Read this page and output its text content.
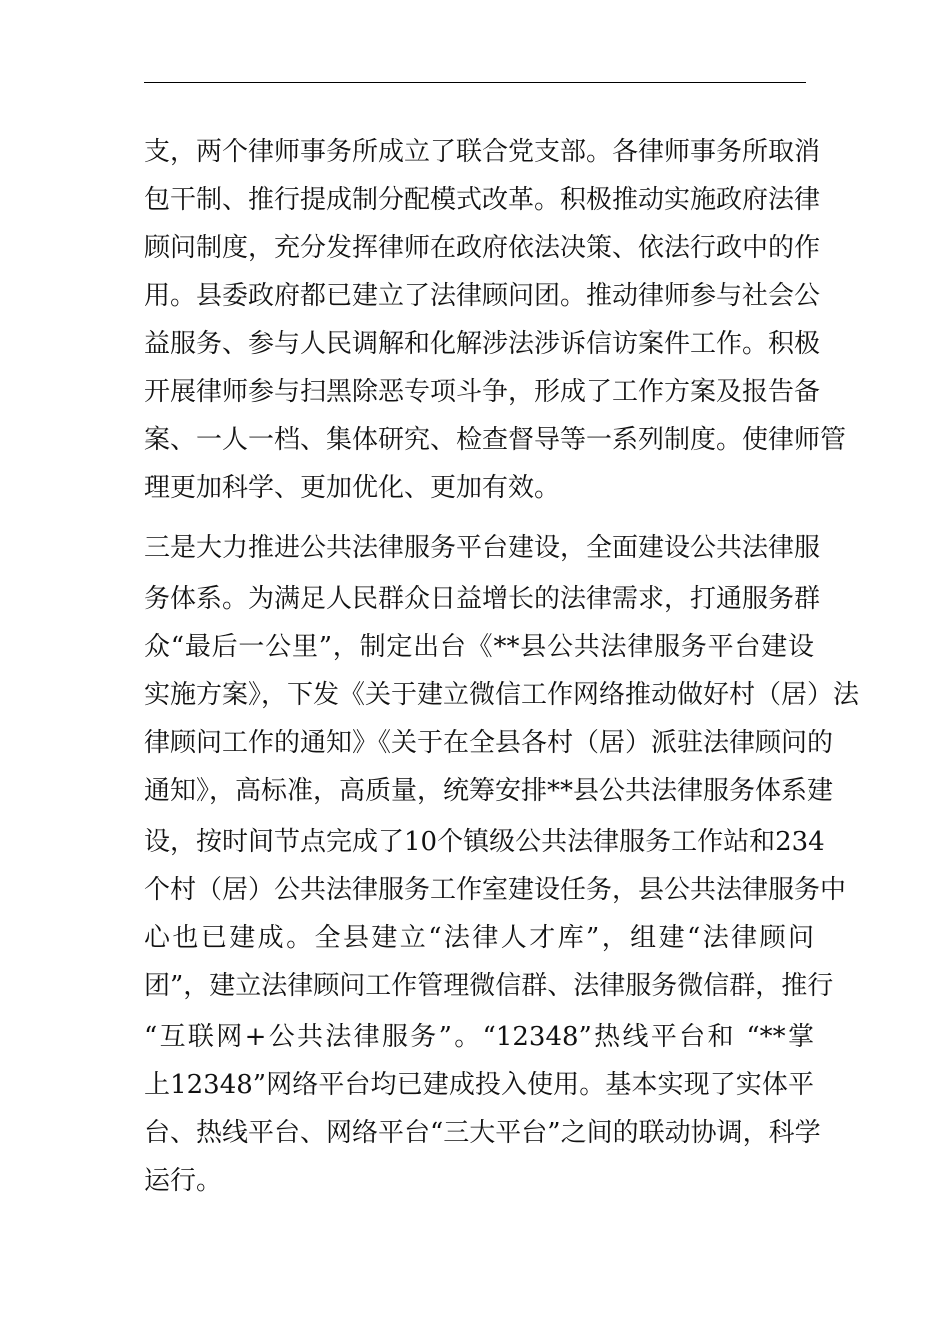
支，两个律师事务所成立了联合党支部。各律师事务所取消
包干制、推行提成制分配模式改革。积极推动实施政府法律
顾问制度，充分发挥律师在政府依法决策、依法行政中的作
用。县委政府都已建立了法律顾问团。推动律师参与社会公
益服务、参与人民调解和化解涉法涉诉信访案件工作。积极
开展律师参与扫黑除恶专项斗争，形成了工作方案及报告备
案、一人一档、集体研究、检查督导等一系列制度。使律师管
理更加科学、更加优化、更加有效。
三是大力推进公共法律服务平台建设，全面建设公共法律服
务体系。为满足人民群众日益增长的法律需求，打通服务群
众“最后一公里”，制定出台《**县公共法律服务平台建设
实施方案》，下发《关于建立微信工作网络推动做好村（居）法
律顾问工作的通知》《关于在全县各村（居）派驻法律顾问的
通知》，高标准，高质量，统筹安排**县公共法律服务体系建
设，按时间节点完成了10个镇级公共法律服务工作站和234
个村（居）公共法律服务工作室建设任务，县公共法律服务中
心也已建成。全县建立“法律人才库”，组建“法律顾问
团”，建立法律顾问工作管理微信群、法律服务微信群，推行
“互联网+公共法律服务”。“12348”热线平台和 “**掌
上12348”网络平台均已建成投入使用。基本实现了实体平
台、热线平台、网络平台“三大平台”之间的联动协调，科学
运行。
